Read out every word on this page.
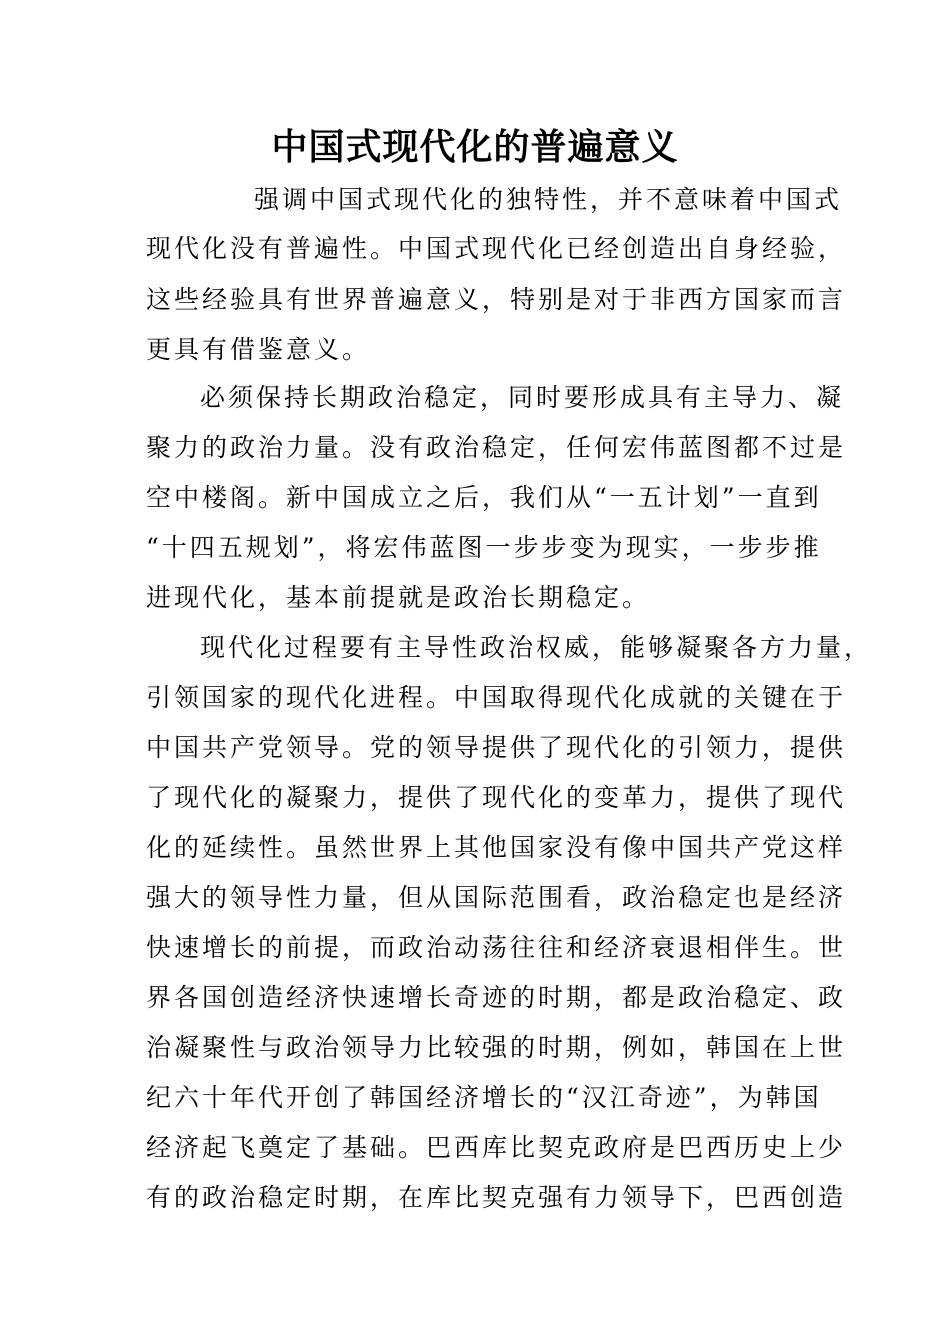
中国式现代化的普遍意义
强调中国式现代化的独特性，并不意味着中国式
现代化没有普遍性。中国式现代化已经创造出自身经验，
这些经验具有世界普遍意义，特别是对于非西方国家而言
更具有借鉴意义。
必须保持长期政治稳定，同时要形成具有主导力、凝
聚力的政治力量。没有政治稳定，任何宏伟蓝图都不过是
空中楼阁。新中国成立之后，我们从“一五计划”一直到
“十四五规划”，将宏伟蓝图一步步变为现实，一步步推
进现代化，基本前提就是政治长期稳定。
现代化过程要有主导性政治权威，能够凝聚各方力量，
引领国家的现代化进程。中国取得现代化成就的关键在于
中国共产党领导。党的领导提供了现代化的引领力，提供
了现代化的凝聚力，提供了现代化的变革力，提供了现代
化的延续性。虽然世界上其他国家没有像中国共产党这样
强大的领导性力量，但从国际范围看，政治稳定也是经济
快速增长的前提，而政治动荡往往和经济衰退相伴生。世
界各国创造经济快速增长奇迹的时期，都是政治稳定、政
治凝聚性与政治领导力比较强的时期，例如，韩国在上世
纪六十年代开创了韩国经济增长的“汉江奇迹”，为韩国
经济起飞奠定了基础。巴西库比契克政府是巴西历史上少
有的政治稳定时期，在库比契克强有力领导下，巴西创造
